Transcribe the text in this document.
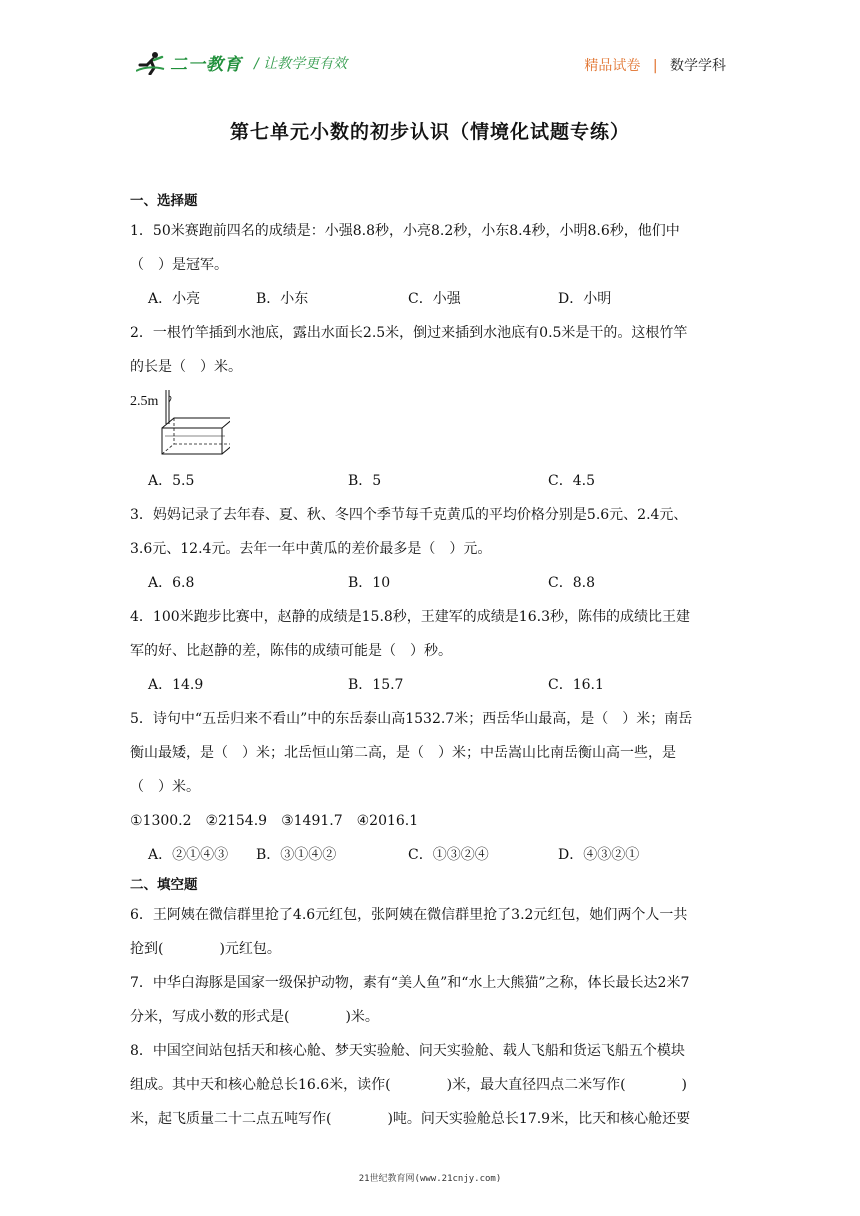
二一教育 / 让教学更有效	精品试卷 | 数学学科
第七单元小数的初步认识（情境化试题专练）
一、选择题
1．50米赛跑前四名的成绩是：小强8.8秒，小亮8.2秒，小东8.4秒，小明8.6秒，他们中
（　）是冠军。
A．小亮	B．小东	C．小强	D．小明
2．一根竹竿插到水池底，露出水面长2.5米，倒过来插到水池底有0.5米是干的。这根竹竿
的长是（　）米。
2.5m
A．5.5	B．5	C．4.5
3．妈妈记录了去年春、夏、秋、冬四个季节每千克黄瓜的平均价格分别是5.6元、2.4元、
3.6元、12.4元。去年一年中黄瓜的差价最多是（　）元。
A．6.8	B．10	C．8.8
4．100米跑步比赛中，赵静的成绩是15.8秒，王建军的成绩是16.3秒，陈伟的成绩比王建
军的好、比赵静的差，陈伟的成绩可能是（　）秒。
A．14.9	B．15.7	C．16.1
5．诗句中“五岳归来不看山”中的东岳泰山高1532.7米；西岳华山最高，是（　）米；南岳
衡山最矮，是（　）米；北岳恒山第二高，是（　）米；中岳嵩山比南岳衡山高一些，是
（　）米。
①1300.2　②2154.9　③1491.7　④2016.1
A．②①④③	B．③①④②	C．①③②④	D．④③②①
二、填空题
6．王阿姨在微信群里抢了4.6元红包，张阿姨在微信群里抢了3.2元红包，她们两个人一共
抢到(　　　　)元红包。
7．中华白海豚是国家一级保护动物，素有“美人鱼”和“水上大熊猫”之称，体长最长达2米7
分米，写成小数的形式是(　　　　)米。
8．中国空间站包括天和核心舱、梦天实验舱、问天实验舱、载人飞船和货运飞船五个模块
组成。其中天和核心舱总长16.6米，读作(　　　　)米，最大直径四点二米写作(　　　　)
米，起飞质量二十二点五吨写作(　　　　)吨。问天实验舱总长17.9米，比天和核心舱还要
21世纪教育网(www.21cnjy.com)
